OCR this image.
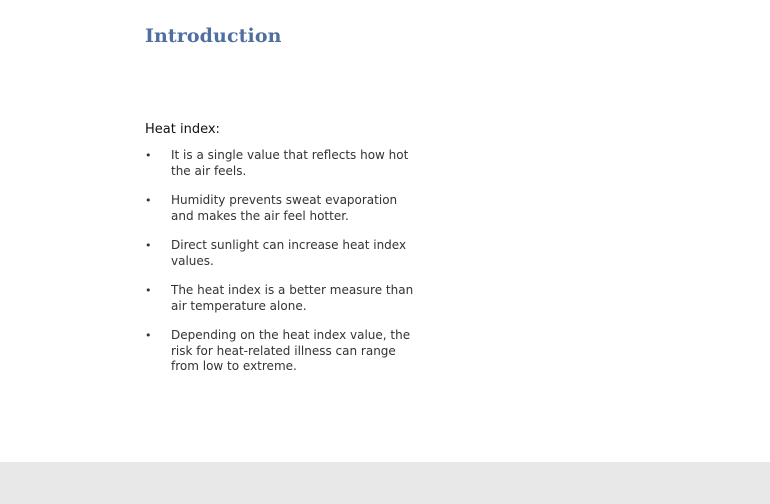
Introduction

Heat index:

• It is a single value that reflects how hot the air feels.
• Humidity prevents sweat evaporation and makes the air feel hotter.
• Direct sunlight can increase heat index values.
• The heat index is a better measure than air temperature alone.
• Depending on the heat index value, the risk for heat-related illness can range from low to extreme.
